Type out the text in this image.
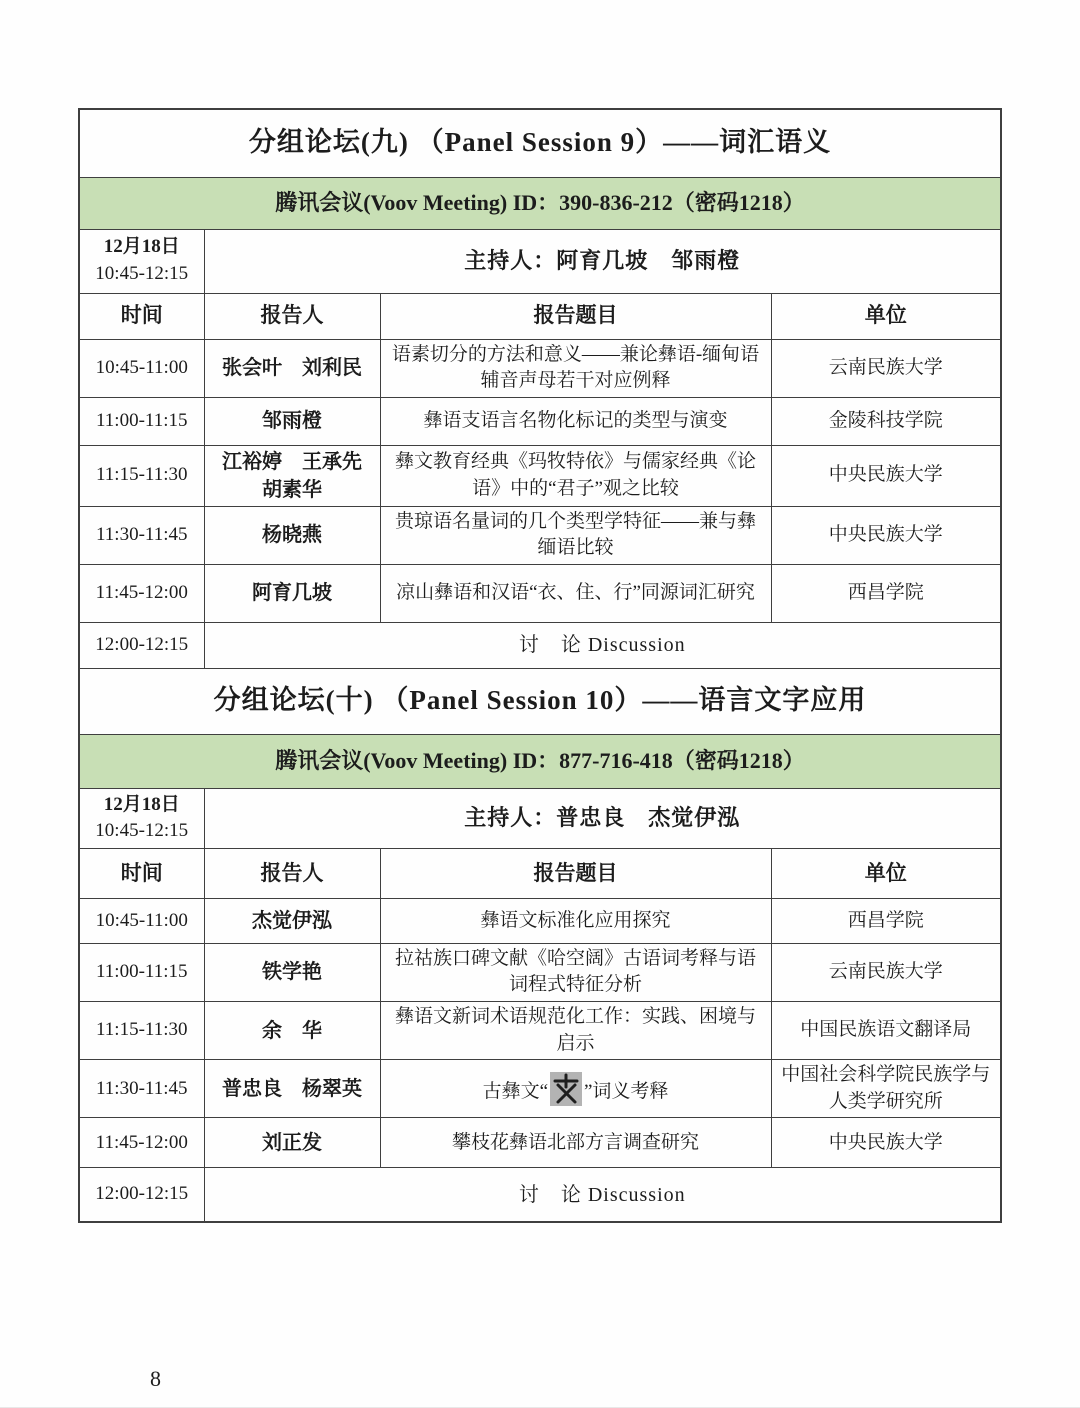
分组论坛(九) （Panel Session 9）——词汇语义			
腾讯会议(Voov Meeting) ID：390-836-212（密码1218）			

12月18日
10:45-12:15	主持人：阿育几坡　邹雨橙		
时间	报告人	报告题目	单位
10:45-11:00	张会叶　刘利民	语素切分的方法和意义——兼论彝语-缅甸语辅音声母若干对应例释	云南民族大学
11:00-11:15	邹雨橙	彝语支语言名物化标记的类型与演变	金陵科技学院
11:15-11:30	江裕婷　王承先　胡素华	彝文教育经典《玛牧特依》与儒家经典《论语》中的“君子”观之比较	中央民族大学
11:30-11:45	杨晓燕	贵琼语名量词的几个类型学特征——兼与彝缅语比较	中央民族大学
11:45-12:00	阿育几坡	凉山彝语和汉语“衣、住、行”同源词汇研究	西昌学院
12:00-12:15	讨　论 Discussion		
分组论坛(十) （Panel Session 10）——语言文字应用			
腾讯会议(Voov Meeting) ID：877-716-418（密码1218）			

12月18日
10:45-12:15	主持人：普忠良　杰觉伊泓		
时间	报告人	报告题目	单位
10:45-11:00	杰觉伊泓	彝语文标准化应用探究	西昌学院
11:00-11:15	铁学艳	拉祜族口碑文献《哈空阔》古语词考释与语词程式特征分析	云南民族大学
11:15-11:30	余　华	彝语文新词术语规范化工作：实践、困境与启示	中国民族语文翻译局
11:30-11:45	普忠良　杨翠英	古彝文“ ”词义考释	中国社会科学院民族学与人类学研究所
11:45-12:00	刘正发	攀枝花彝语北部方言调查研究	中央民族大学
12:00-12:15	讨　论 Discussion		
8
